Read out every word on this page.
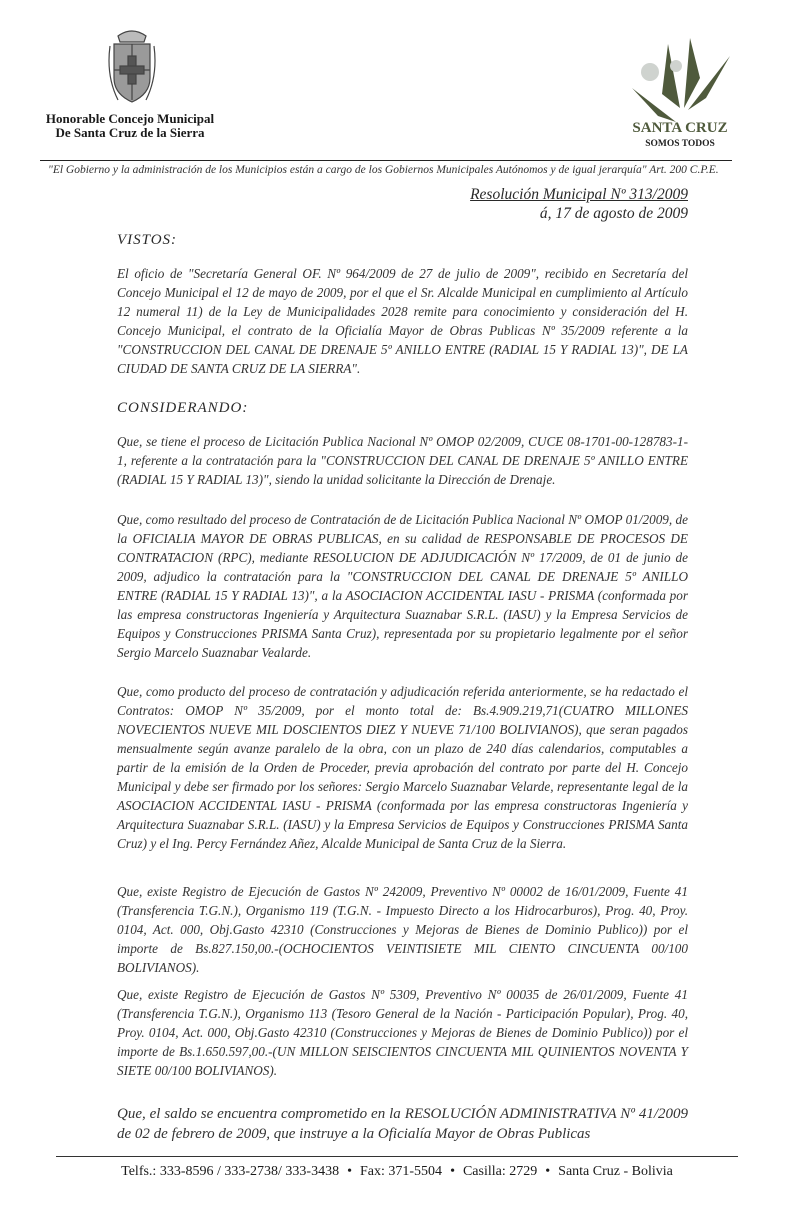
Honorable Concejo Municipal
De Santa Cruz de la Sierra	SANTA CRUZ
SOMOS TODOS
"El Gobierno y la administración de los Municipios están a cargo de los Gobiernos Municipales Autónomos y de igual jerarquía" Art. 200 C.P.E.
Resolución Municipal Nº 313/2009
á, 17 de agosto de 2009
VISTOS:
El oficio de "Secretaría General OF. Nº 964/2009 de 27 de julio de 2009", recibido en Secretaría del Concejo Municipal el 12 de mayo de 2009, por el que el Sr. Alcalde Municipal en cumplimiento al Artículo 12 numeral 11) de la Ley de Municipalidades 2028 remite para conocimiento y consideración del H. Concejo Municipal, el contrato de la Oficialía Mayor de Obras Publicas Nº 35/2009 referente a la "CONSTRUCCION DEL CANAL DE DRENAJE 5º ANILLO ENTRE (RADIAL 15 Y RADIAL 13)", DE LA CIUDAD DE SANTA CRUZ DE LA SIERRA".
CONSIDERANDO:
Que, se tiene el proceso de Licitación Publica Nacional Nº OMOP 02/2009, CUCE 08-1701-00-128783-1-1, referente a la contratación para la "CONSTRUCCION DEL CANAL DE DRENAJE 5º ANILLO ENTRE (RADIAL 15 Y RADIAL 13)", siendo la unidad solicitante la Dirección de Drenaje.
Que, como resultado del proceso de Contratación de de Licitación Publica Nacional Nº OMOP 01/2009, de la OFICIALIA MAYOR DE OBRAS PUBLICAS, en su calidad de RESPONSABLE DE PROCESOS DE CONTRATACION (RPC), mediante RESOLUCION DE ADJUDICACIÓN Nº 17/2009, de 01 de junio de 2009, adjudico la contratación para la "CONSTRUCCION DEL CANAL DE DRENAJE 5º ANILLO ENTRE (RADIAL 15 Y RADIAL 13)", a la ASOCIACION ACCIDENTAL IASU - PRISMA (conformada por las empresa constructoras Ingeniería y Arquitectura Suaznabar S.R.L. (IASU) y la Empresa Servicios de Equipos y Construcciones PRISMA Santa Cruz), representada por su propietario legalmente por el señor Sergio Marcelo Suaznabar Vealarde.
Que, como producto del proceso de contratación y adjudicación referida anteriormente, se ha redactado el Contratos: OMOP Nº 35/2009, por el monto total de: Bs.4.909.219,71(CUATRO MILLONES NOVECIENTOS NUEVE MIL DOSCIENTOS DIEZ Y NUEVE 71/100 BOLIVIANOS), que seran pagados mensualmente según avanze paralelo de la obra, con un plazo de 240 días calendarios, computables a partir de la emisión de la Orden de Proceder, previa aprobación del contrato por parte del H. Concejo Municipal y debe ser firmado por los señores: Sergio Marcelo Suaznabar Velarde, representante legal de la ASOCIACION ACCIDENTAL IASU - PRISMA (conformada por las empresa constructoras Ingeniería y Arquitectura Suaznabar S.R.L. (IASU) y la Empresa Servicios de Equipos y Construcciones PRISMA Santa Cruz) y el Ing. Percy Fernández Añez, Alcalde Municipal de Santa Cruz de la Sierra.
Que, existe Registro de Ejecución de Gastos Nº 242009, Preventivo Nº 00002 de 16/01/2009, Fuente 41 (Transferencia T.G.N.), Organismo 119 (T.G.N. - Impuesto Directo a los Hidrocarburos), Prog. 40, Proy. 0104, Act. 000, Obj.Gasto 42310 (Construcciones y Mejoras de Bienes de Dominio Publico)) por el importe de Bs.827.150,00.-(OCHOCIENTOS VEINTISIETE MIL CIENTO CINCUENTA 00/100 BOLIVIANOS).
Que, existe Registro de Ejecución de Gastos Nº 5309, Preventivo Nº 00035 de 26/01/2009, Fuente 41 (Transferencia T.G.N.), Organismo 113 (Tesoro General de la Nación - Participación Popular), Prog. 40, Proy. 0104, Act. 000, Obj.Gasto 42310 (Construcciones y Mejoras de Bienes de Dominio Publico)) por el importe de Bs.1.650.597,00.-(UN MILLON SEISCIENTOS CINCUENTA MIL QUINIENTOS NOVENTA Y SIETE 00/100 BOLIVIANOS).
Que, el saldo se encuentra comprometido en la RESOLUCIÓN ADMINISTRATIVA Nº 41/2009 de 02 de febrero de 2009, que instruye a la Oficialía Mayor de Obras Publicas
Telfs.: 333-8596 / 333-2738/ 333-3438 • Fax: 371-5504 • Casilla: 2729 • Santa Cruz - Bolivia
